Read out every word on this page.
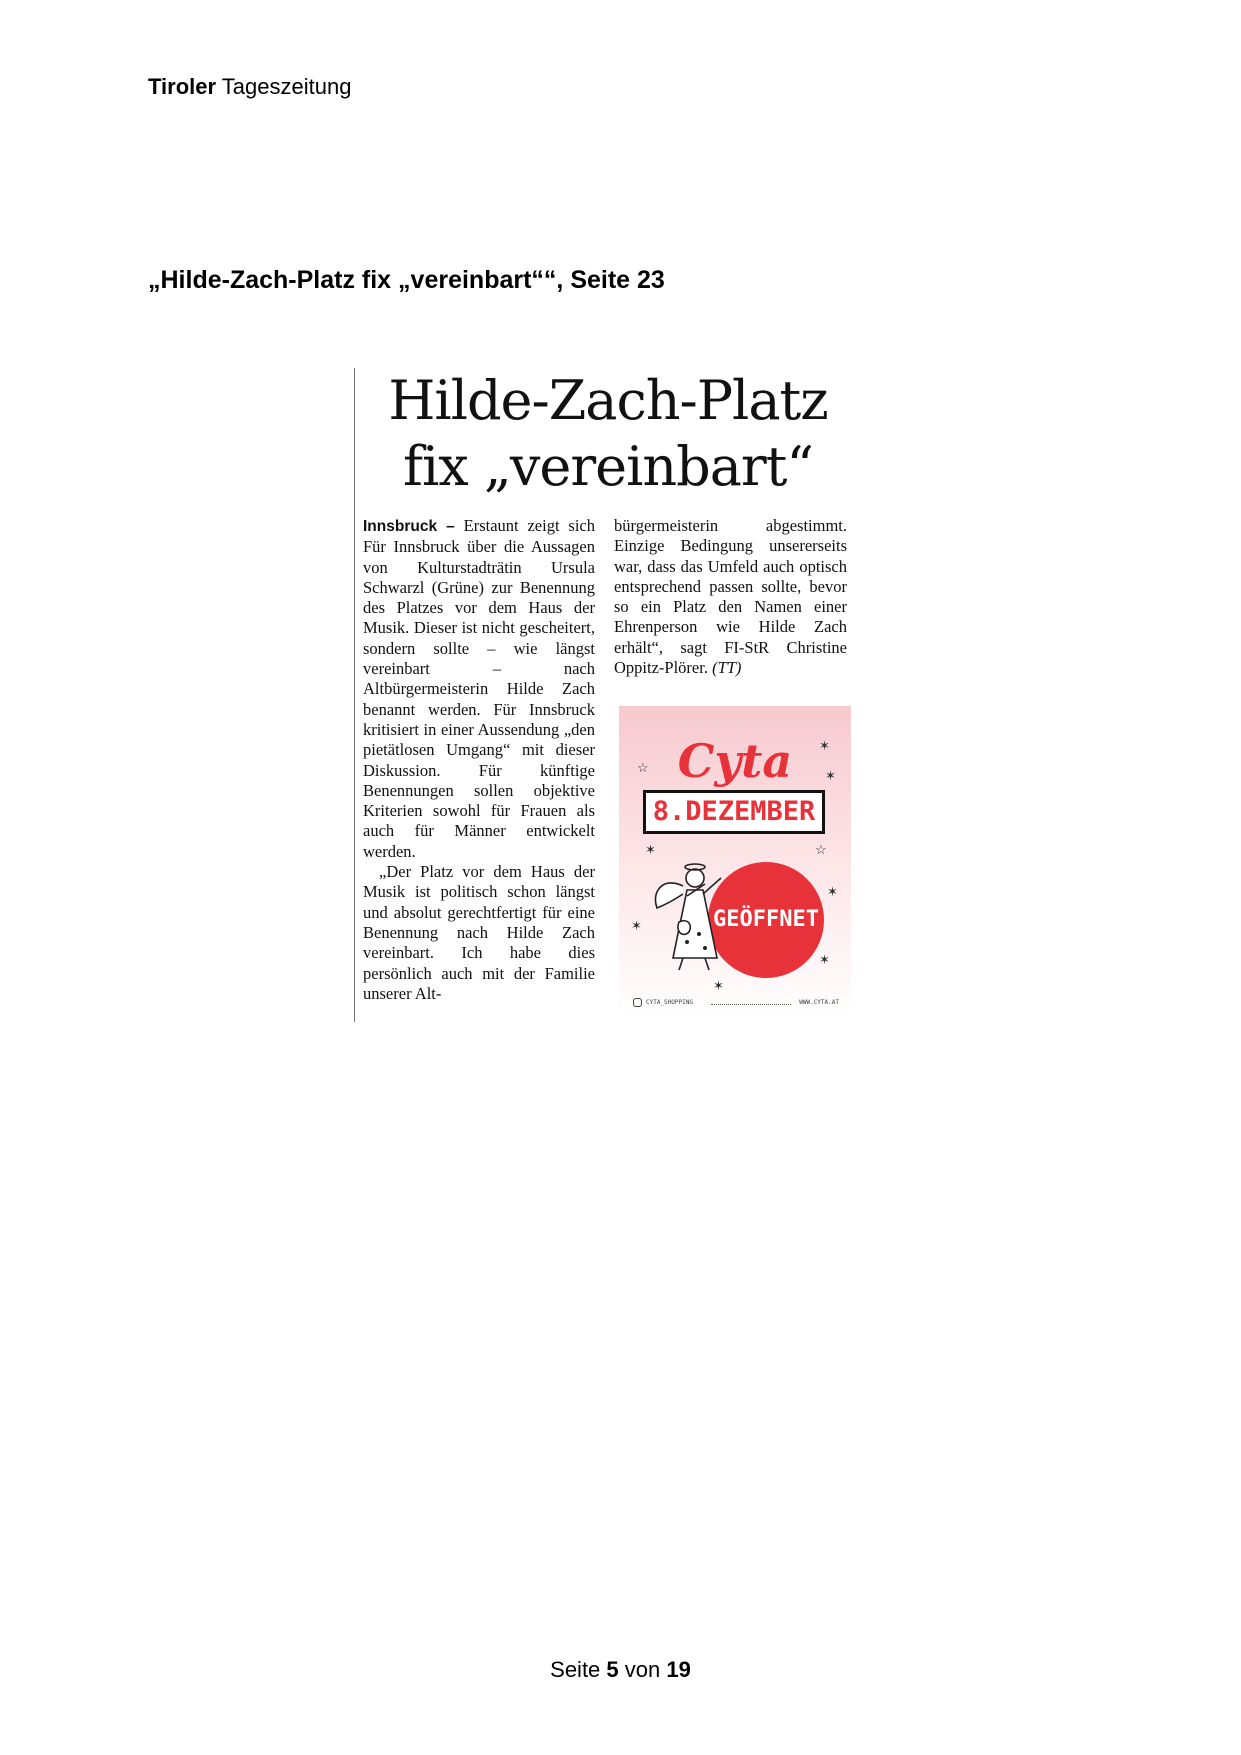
Tiroler Tageszeitung
„Hilde-Zach-Platz fix „vereinbart““, Seite 23
Hilde-Zach-Platz
fix „vereinbart“

Innsbruck – Erstaunt zeigt sich Für Innsbruck über die Aussagen von Kulturstadträtin Ursula Schwarzl (Grüne) zur Benennung des Platzes vor dem Haus der Musik. Dieser ist nicht gescheitert, sondern sollte – wie längst vereinbart – nach Altbürgermeisterin Hilde Zach benannt werden. Für Innsbruck kritisiert in einer Aussendung „den pietätlosen Umgang“ mit dieser Diskussion. Für künftige Benennungen sollen objektive Kriterien sowohl für Frauen als auch für Männer entwickelt werden.

„Der Platz vor dem Haus der Musik ist politisch schon längst und absolut gerechtfertigt für eine Benennung nach Hilde Zach vereinbart. Ich habe dies persönlich auch mit der Familie unserer Alt-

bürgermeisterin abgestimmt. Einzige Bedingung unsererseits war, dass das Umfeld auch optisch entsprechend passen sollte, bevor so ein Platz den Namen einer Ehrenperson wie Hilde Zach erhält“, sagt FI-StR Christine Oppitz-Plörer. (TT)

Cyta
8.DEZEMBER
GEÖFFNET
✶
☆
✶
✶	☆
✶
✶
✶
✶
CYTA_SHOPPING	WWW.CYTA.AT
Seite 5 von 19
